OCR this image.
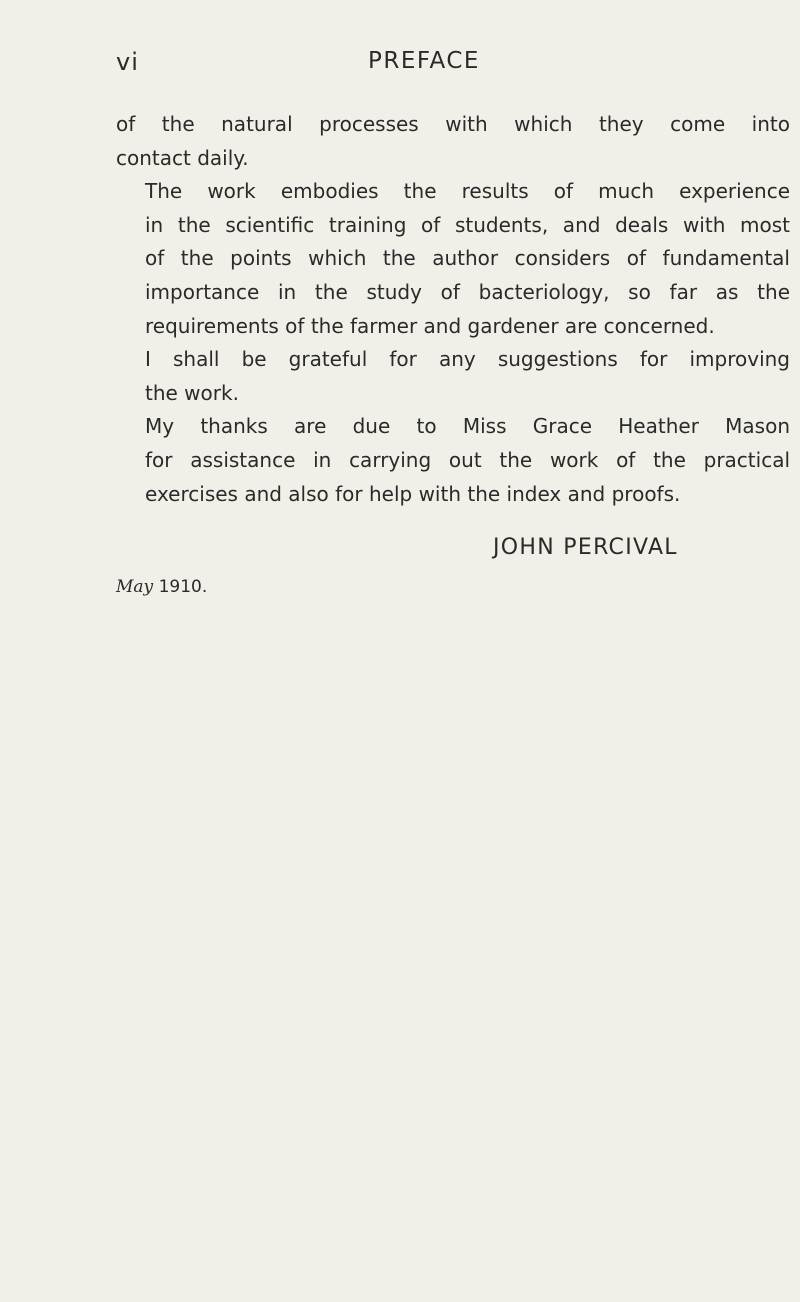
vi	PREFACE

of the natural processes with which they come into
contact daily.

The work embodies the results of much experience
in the scientific training of students, and deals with most
of the points which the author considers of fundamental
importance in the study of bacteriology, so far as the
requirements of the farmer and gardener are concerned.

I shall be grateful for any suggestions for improving
the work.

My thanks are due to Miss Grace Heather Mason
for assistance in carrying out the work of the practical
exercises and also for help with the index and proofs.

JOHN PERCIVAL
May 1910.
